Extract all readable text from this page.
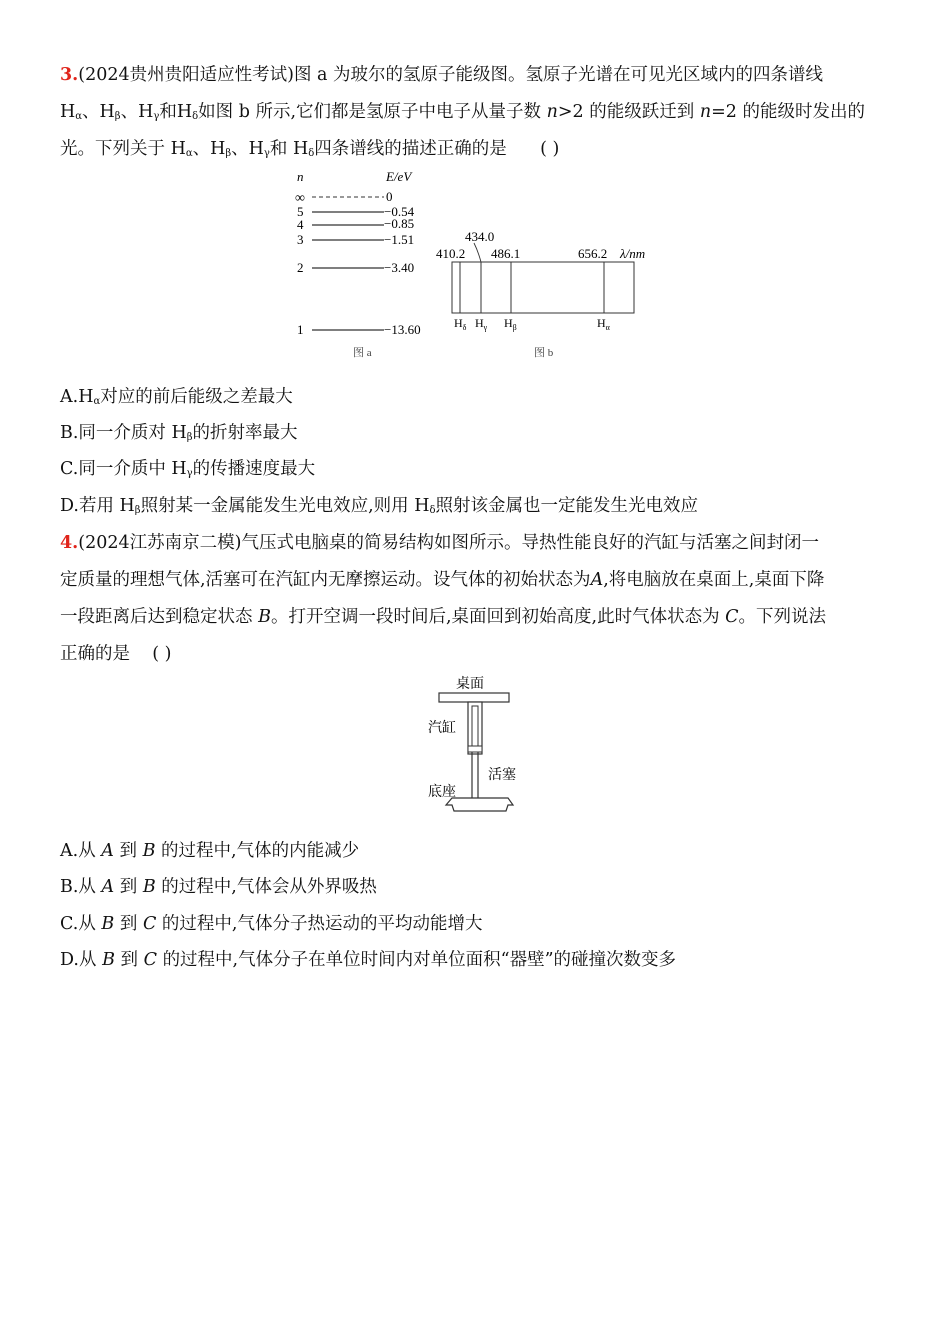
3.(2024贵州贵阳适应性考试)图 a 为玻尔的氢原子能级图。氢原子光谱在可见光区域内的四条谱线
$H_\alpha$、$H_\beta$、$H_\gamma$和$H_\delta$如图 b 所示,它们都是氢原子中电子从量子数 n>2 的能级跃迁到 n=2 的能级时发出的
光。下列关于 $H_\alpha$、$H_\beta$、$H_\gamma$和 $H_\delta$四条谱线的描述正确的是 ( )
n	E/eV
∞	0
5	−0.54
4	−0.85
3	−1.51
2	−3.40
1	−13.60
图 a
434.0
410.2 486.1	656.2 λ/nm
$H_\delta$ $H_\gamma$ $H_\beta$	$H_\alpha$
图 b
$A.H_\alpha$对应的前后能级之差最大
B.同一介质对 $H_\beta$的折射率最大
C.同一介质中 $H_\gamma$的传播速度最大
D.若用 $H_\beta$照射某一金属能发生光电效应,则用 $H_\delta$照射该金属也一定能发生光电效应
4.(2024江苏南京二模)气压式电脑桌的简易结构如图所示。导热性能良好的汽缸与活塞之间封闭一
定质量的理想气体,活塞可在汽缸内无摩擦运动。设气体的初始状态为A,将电脑放在桌面上,桌面下降
一段距离后达到稳定状态 B。打开空调一段时间后,桌面回到初始高度,此时气体状态为 C。下列说法
正确的是 ( )
桌面
汽缸
活塞
底座
A.从 A 到 B 的过程中,气体的内能减少
B.从 A 到 B 的过程中,气体会从外界吸热
C.从 B 到 C 的过程中,气体分子热运动的平均动能增大
D.从 B 到 C 的过程中,气体分子在单位时间内对单位面积“器壁”的碰撞次数变多
